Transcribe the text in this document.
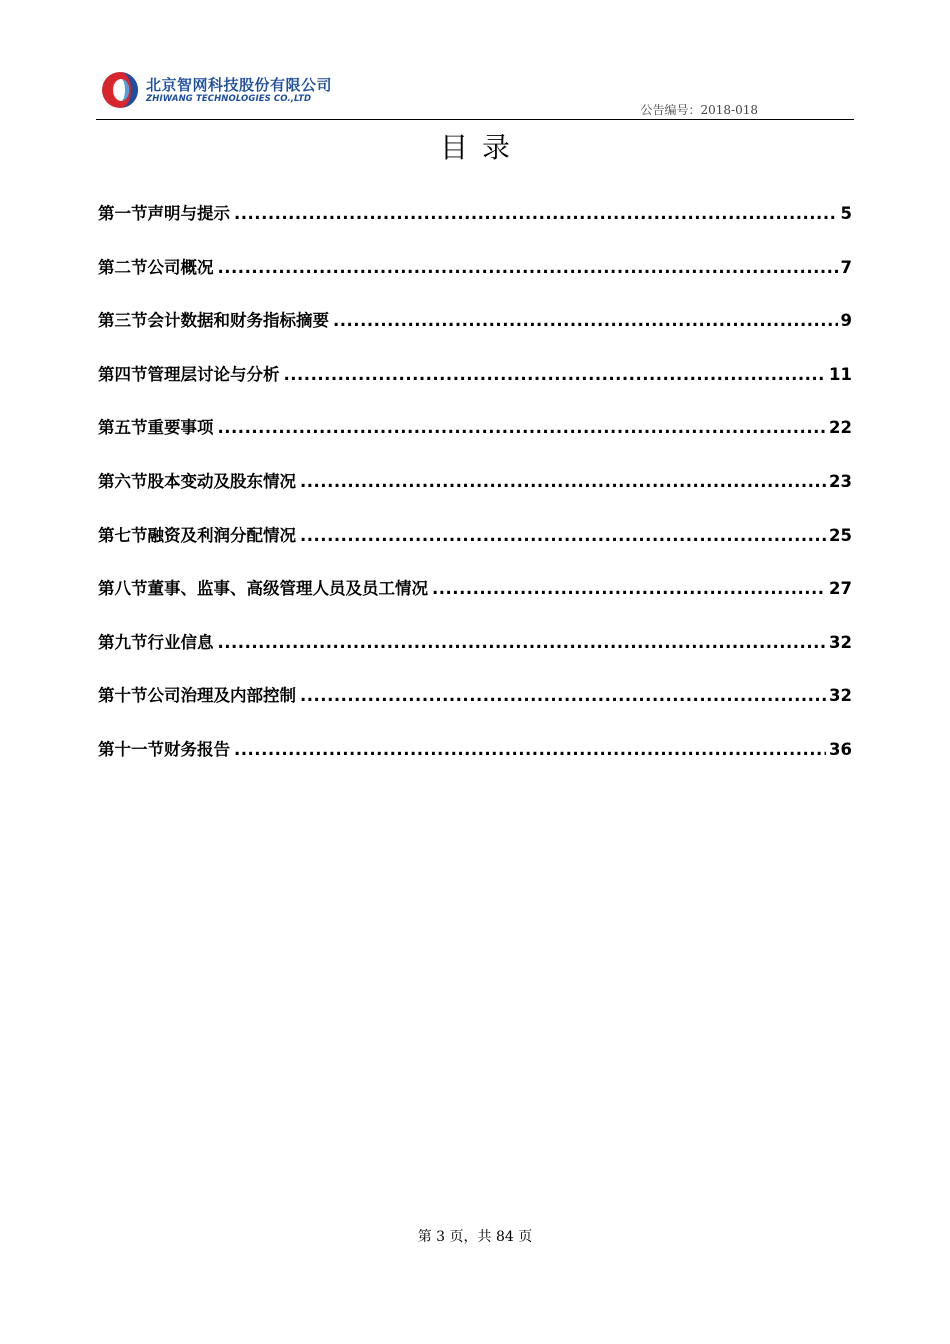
北京智网科技股份有限公司
ZHIWANG TECHNOLOGIES CO.,LTD
公告编号：2018-018
目录
第一节 声明与提示 .....	5
第二节 公司概况 .....	7
第三节 会计数据和财务指标摘要 .....	9
第四节 管理层讨论与分析 .....	11
第五节 重要事项 .....	22
第六节 股本变动及股东情况 .....	23
第七节 融资及利润分配情况 .....	25
第八节 董事、监事、高级管理人员及员工情况 .....	27
第九节 行业信息 .....	32
第十节 公司治理及内部控制 .....	32
第十一节 财务报告 .....	36
第 3 页，共 84 页
